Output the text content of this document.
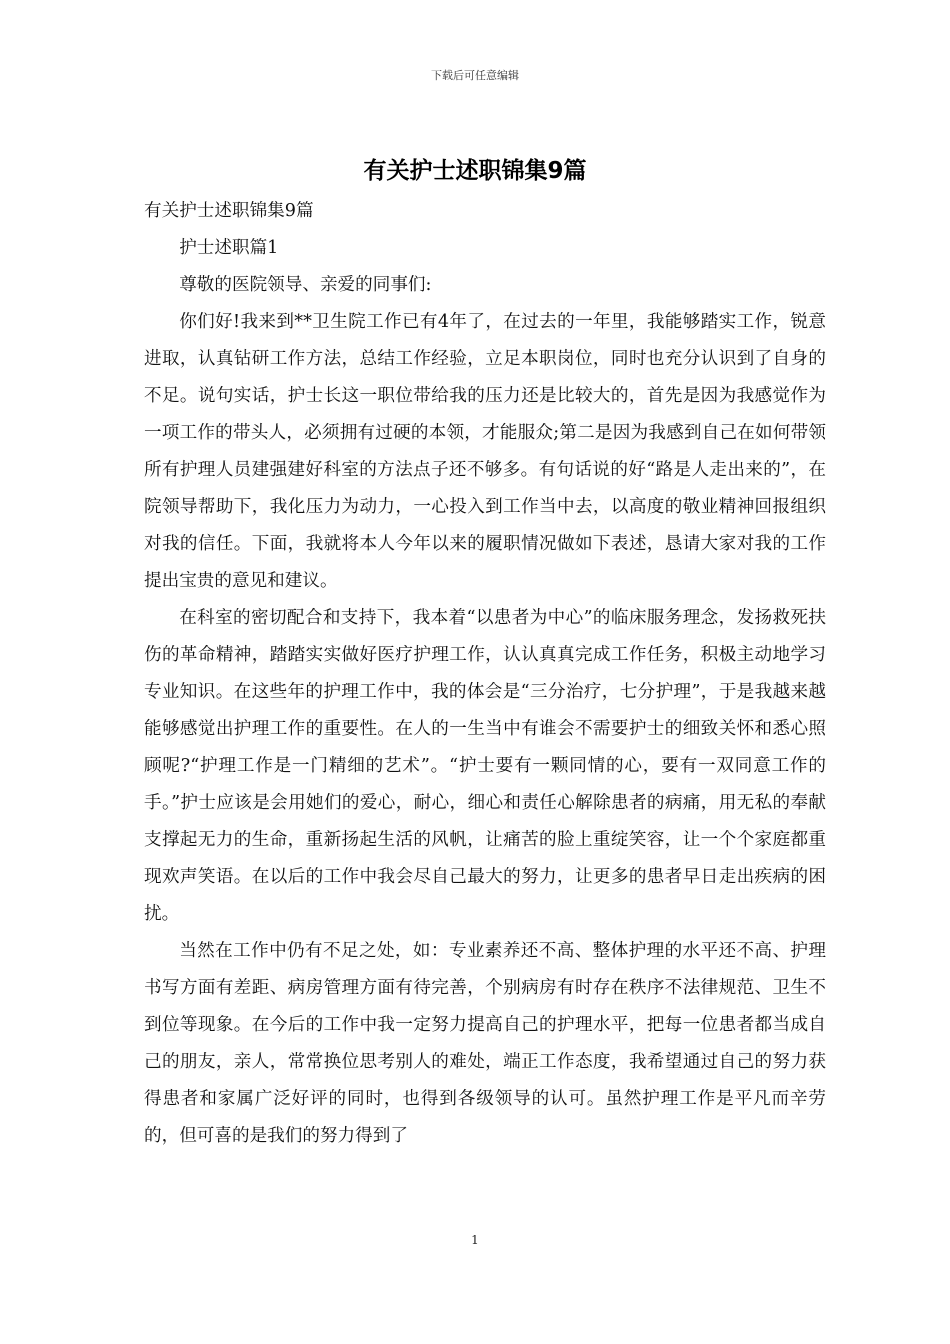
下载后可任意编辑
有关护士述职锦集9篇

有关护士述职锦集9篇

护士述职篇1

尊敬的医院领导、亲爱的同事们:

你们好!我来到**卫生院工作已有4年了，在过去的一年里，我能够踏实工作，锐意进取，认真钻研工作方法，总结工作经验，立足本职岗位，同时也充分认识到了自身的不足。说句实话，护士长这一职位带给我的压力还是比较大的，首先是因为我感觉作为一项工作的带头人，必须拥有过硬的本领，才能服众;第二是因为我感到自己在如何带领所有护理人员建强建好科室的方法点子还不够多。有句话说的好“路是人走出来的”，在院领导帮助下，我化压力为动力，一心投入到工作当中去，以高度的敬业精神回报组织对我的信任。下面，我就将本人今年以来的履职情况做如下表述，恳请大家对我的工作提出宝贵的意见和建议。

在科室的密切配合和支持下，我本着“以患者为中心”的临床服务理念，发扬救死扶伤的革命精神，踏踏实实做好医疗护理工作，认认真真完成工作任务，积极主动地学习专业知识。在这些年的护理工作中，我的体会是“三分治疗，七分护理”，于是我越来越能够感觉出护理工作的重要性。在人的一生当中有谁会不需要护士的细致关怀和悉心照顾呢?“护理工作是一门精细的艺术”。“护士要有一颗同情的心，要有一双同意工作的手。”护士应该是会用她们的爱心，耐心，细心和责任心解除患者的病痛，用无私的奉献支撑起无力的生命，重新扬起生活的风帆，让痛苦的脸上重绽笑容，让一个个家庭都重现欢声笑语。在以后的工作中我会尽自己最大的努力，让更多的患者早日走出疾病的困扰。

当然在工作中仍有不足之处，如：专业素养还不高、整体护理的水平还不高、护理书写方面有差距、病房管理方面有待完善，个别病房有时存在秩序不法律规范、卫生不到位等现象。在今后的工作中我一定努力提高自己的护理水平，把每一位患者都当成自己的朋友，亲人，常常换位思考别人的难处，端正工作态度，我希望通过自己的努力获得患者和家属广泛好评的同时，也得到各级领导的认可。虽然护理工作是平凡而辛劳的，但可喜的是我们的努力得到了

1
